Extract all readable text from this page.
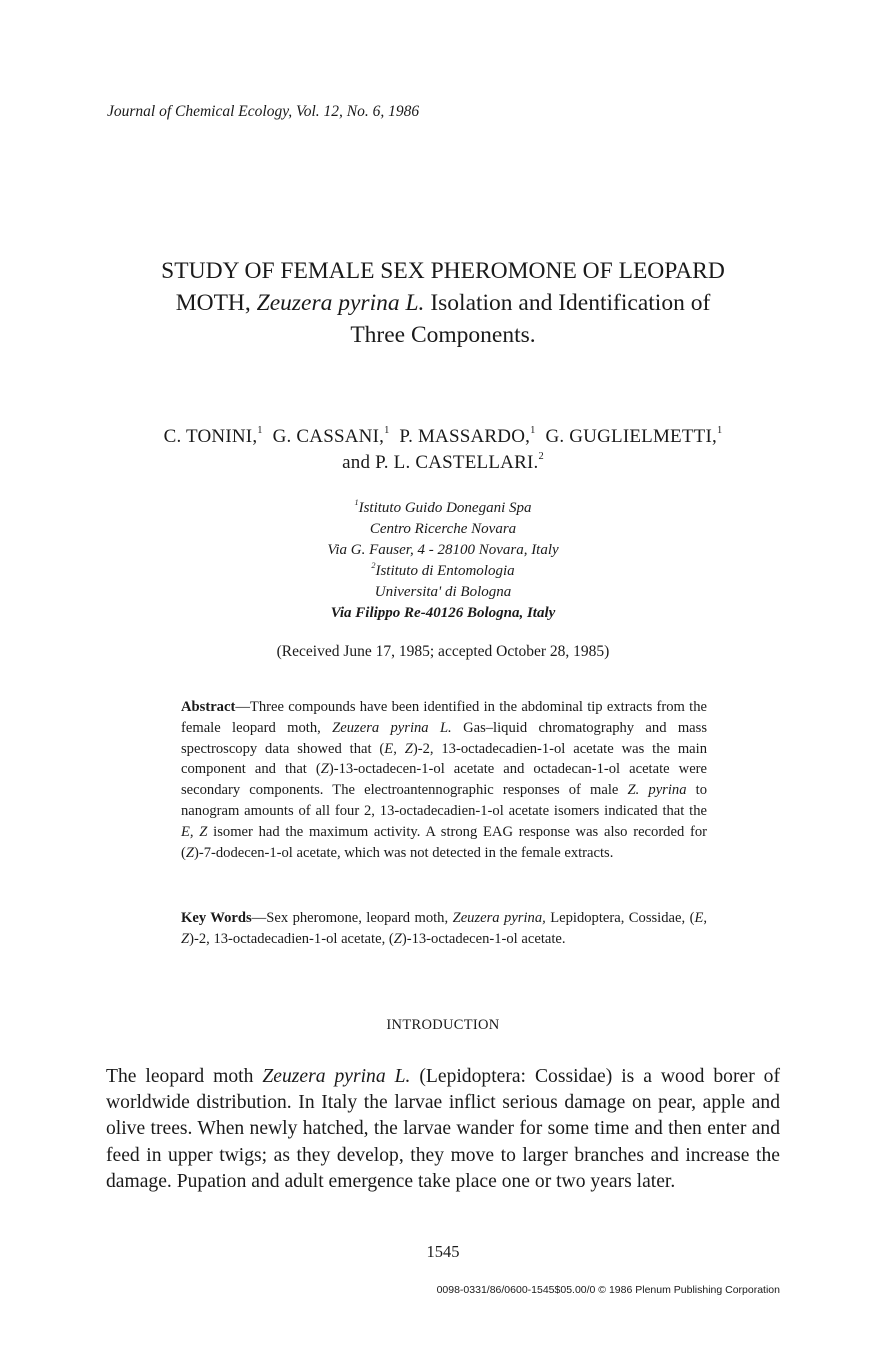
Journal of Chemical Ecology, Vol. 12, No. 6, 1986
STUDY OF FEMALE SEX PHEROMONE OF LEOPARD
MOTH, Zeuzera pyrina L. Isolation and Identification of
Three Components.
C. TONINI,$^1$ G. CASSANI,$^1$ P. MASSARDO,$^1$ G. GUGLIELMETTI,$^1$
and P. L. CASTELLARI.$^2$
$^1$Istituto Guido Donegani Spa
Centro Ricerche Novara
Via G. Fauser, 4 - 28100 Novara, Italy
$^2$Istituto di Entomologia
Universita' di Bologna
Via Filippo Re-40126 Bologna, Italy
(Received June 17, 1985; accepted October 28, 1985)
Abstract—Three compounds have been identified in the abdominal tip extracts from the female leopard moth, Zeuzera pyrina L. Gas–liquid chromatography and mass spectroscopy data showed that (E, Z)-2, 13-octadecadien-1-ol acetate was the main component and that (Z)-13-octadecen-1-ol acetate and octadecan-1-ol acetate were secondary components. The electroantennographic responses of male Z. pyrina to nanogram amounts of all four 2, 13-octadecadien-1-ol acetate isomers indicated that the E, Z isomer had the maximum activity. A strong EAG response was also recorded for (Z)-7-dodecen-1-ol acetate, which was not detected in the female extracts.
Key Words—Sex pheromone, leopard moth, Zeuzera pyrina, Lepidoptera, Cossidae, (E, Z)-2, 13-octadecadien-1-ol acetate, (Z)-13-octadecen-1-ol acetate.
INTRODUCTION
The leopard moth Zeuzera pyrina L. (Lepidoptera: Cossidae) is a wood borer of worldwide distribution. In Italy the larvae inflict serious damage on pear, apple and olive trees. When newly hatched, the larvae wander for some time and then enter and feed in upper twigs; as they develop, they move to larger branches and increase the damage. Pupation and adult emergence take place one or two years later.
1545
0098-0331/86/0600-1545$05.00/0 © 1986 Plenum Publishing Corporation
